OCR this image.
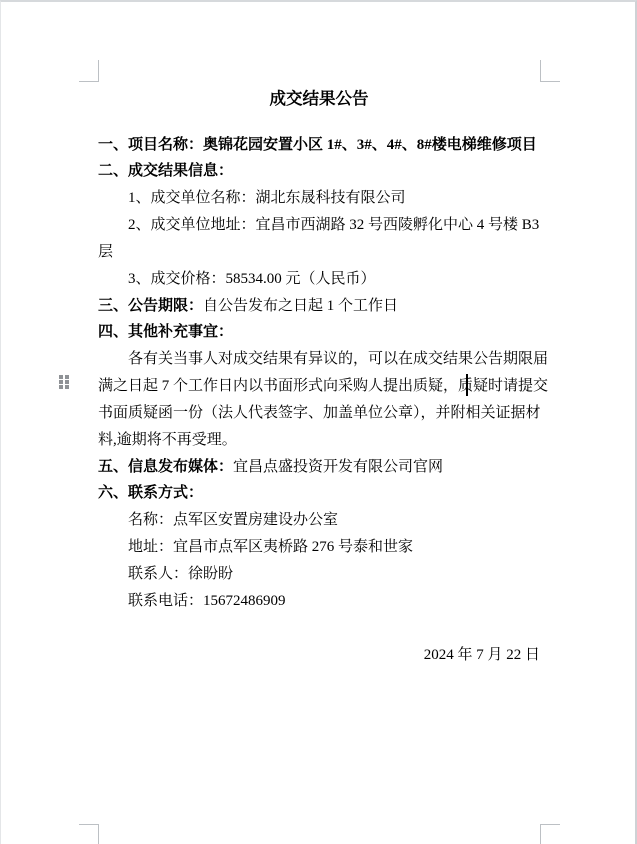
成交结果公告
一、项目名称：奥锦花园安置小区 1#、3#、4#、8#楼电梯维修项目
二、成交结果信息：
1、成交单位名称：湖北东晟科技有限公司
2、成交单位地址：宜昌市西湖路 32 号西陵孵化中心 4 号楼 B3
层
3、成交价格：58534.00 元（人民币）
三、公告期限：自公告发布之日起 1 个工作日
四、其他补充事宜：
各有关当事人对成交结果有异议的，可以在成交结果公告期限届
满之日起 7 个工作日内以书面形式向采购人提出质疑，质疑时请提交
书面质疑函一份（法人代表签字、加盖单位公章），并附相关证据材
料,逾期将不再受理。
五、信息发布媒体：宜昌点盛投资开发有限公司官网
六、联系方式：
名称：点军区安置房建设办公室
地址：宜昌市点军区夷桥路 276 号泰和世家
联系人：徐盼盼
联系电话：15672486909

2024 年 7 月 22 日
